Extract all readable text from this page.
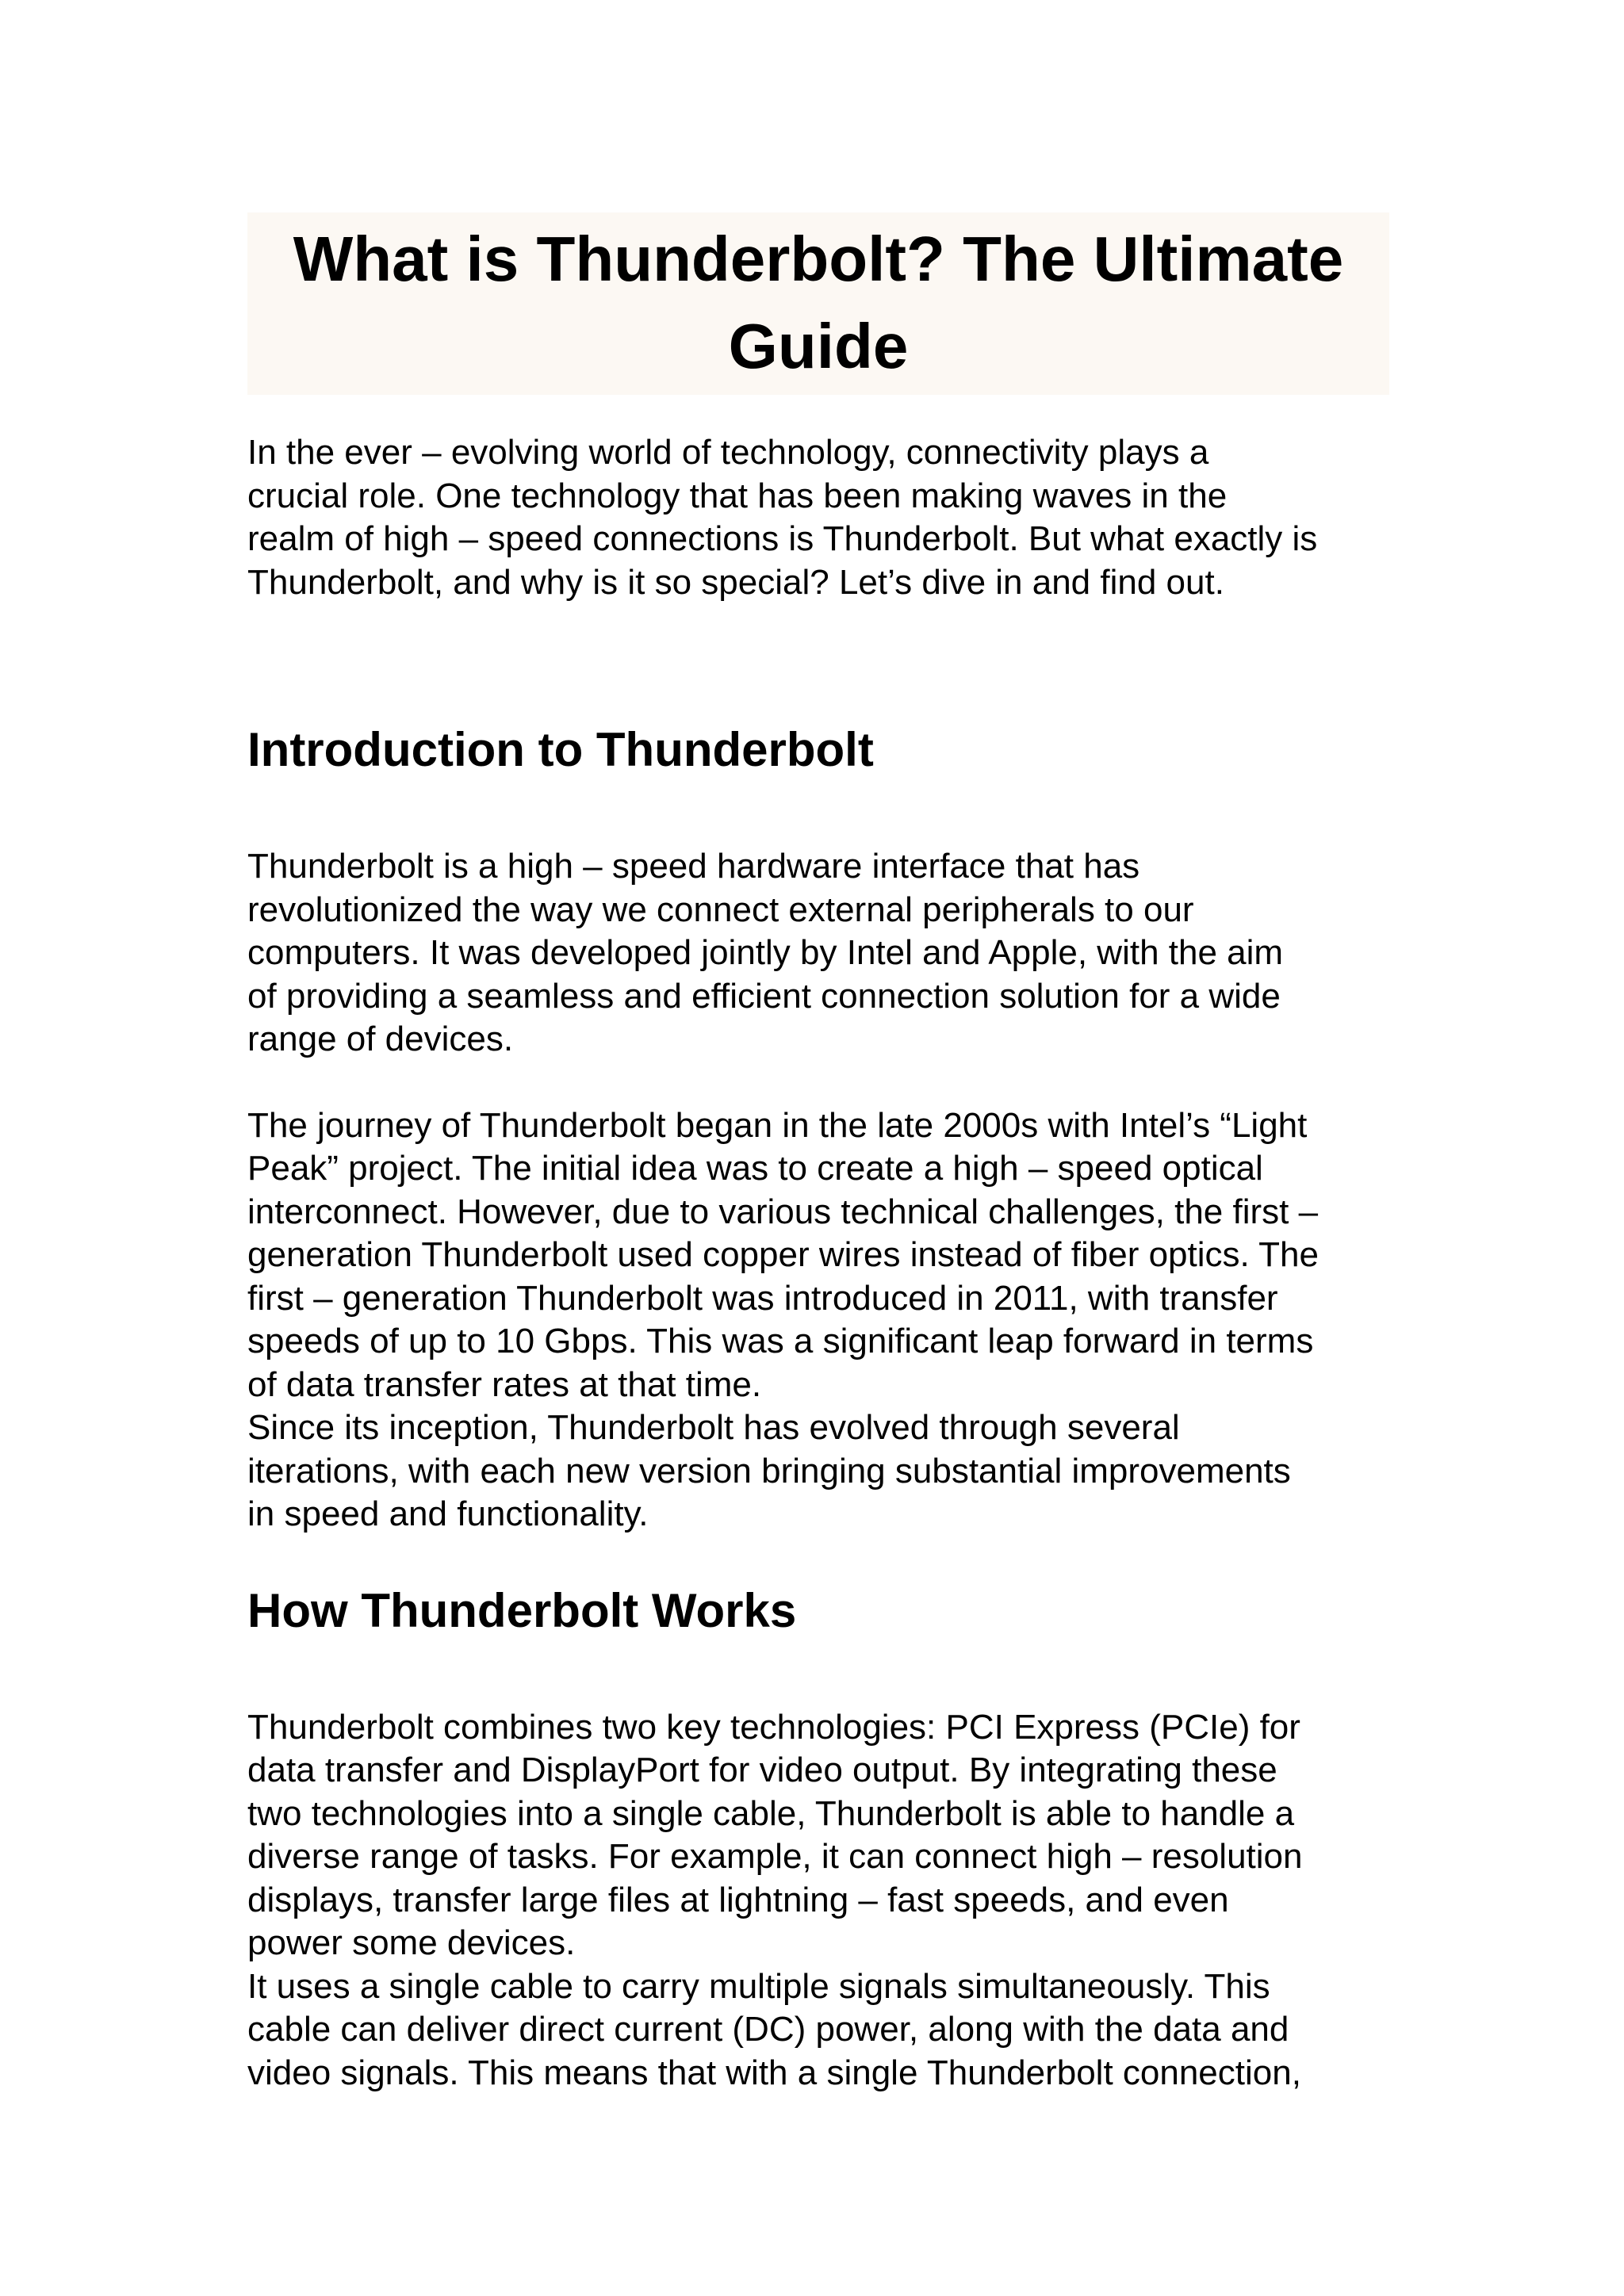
What is Thunderbolt? The Ultimate Guide

In the ever – evolving world of technology, connectivity plays a
crucial role. One technology that has been making waves in the
realm of high – speed connections is Thunderbolt. But what exactly is
Thunderbolt, and why is it so special? Let’s dive in and find out.

Introduction to Thunderbolt

Thunderbolt is a high – speed hardware interface that has
revolutionized the way we connect external peripherals to our
computers. It was developed jointly by Intel and Apple, with the aim
of providing a seamless and efficient connection solution for a wide
range of devices.

The journey of Thunderbolt began in the late 2000s with Intel’s “Light
Peak” project. The initial idea was to create a high – speed optical
interconnect. However, due to various technical challenges, the first –
generation Thunderbolt used copper wires instead of fiber optics. The
first – generation Thunderbolt was introduced in 2011, with transfer
speeds of up to 10 Gbps. This was a significant leap forward in terms
of data transfer rates at that time.
Since its inception, Thunderbolt has evolved through several
iterations, with each new version bringing substantial improvements
in speed and functionality.

How Thunderbolt Works

Thunderbolt combines two key technologies: PCI Express (PCIe) for
data transfer and DisplayPort for video output. By integrating these
two technologies into a single cable, Thunderbolt is able to handle a
diverse range of tasks. For example, it can connect high – resolution
displays, transfer large files at lightning – fast speeds, and even
power some devices.
It uses a single cable to carry multiple signals simultaneously. This
cable can deliver direct current (DC) power, along with the data and
video signals. This means that with a single Thunderbolt connection,
